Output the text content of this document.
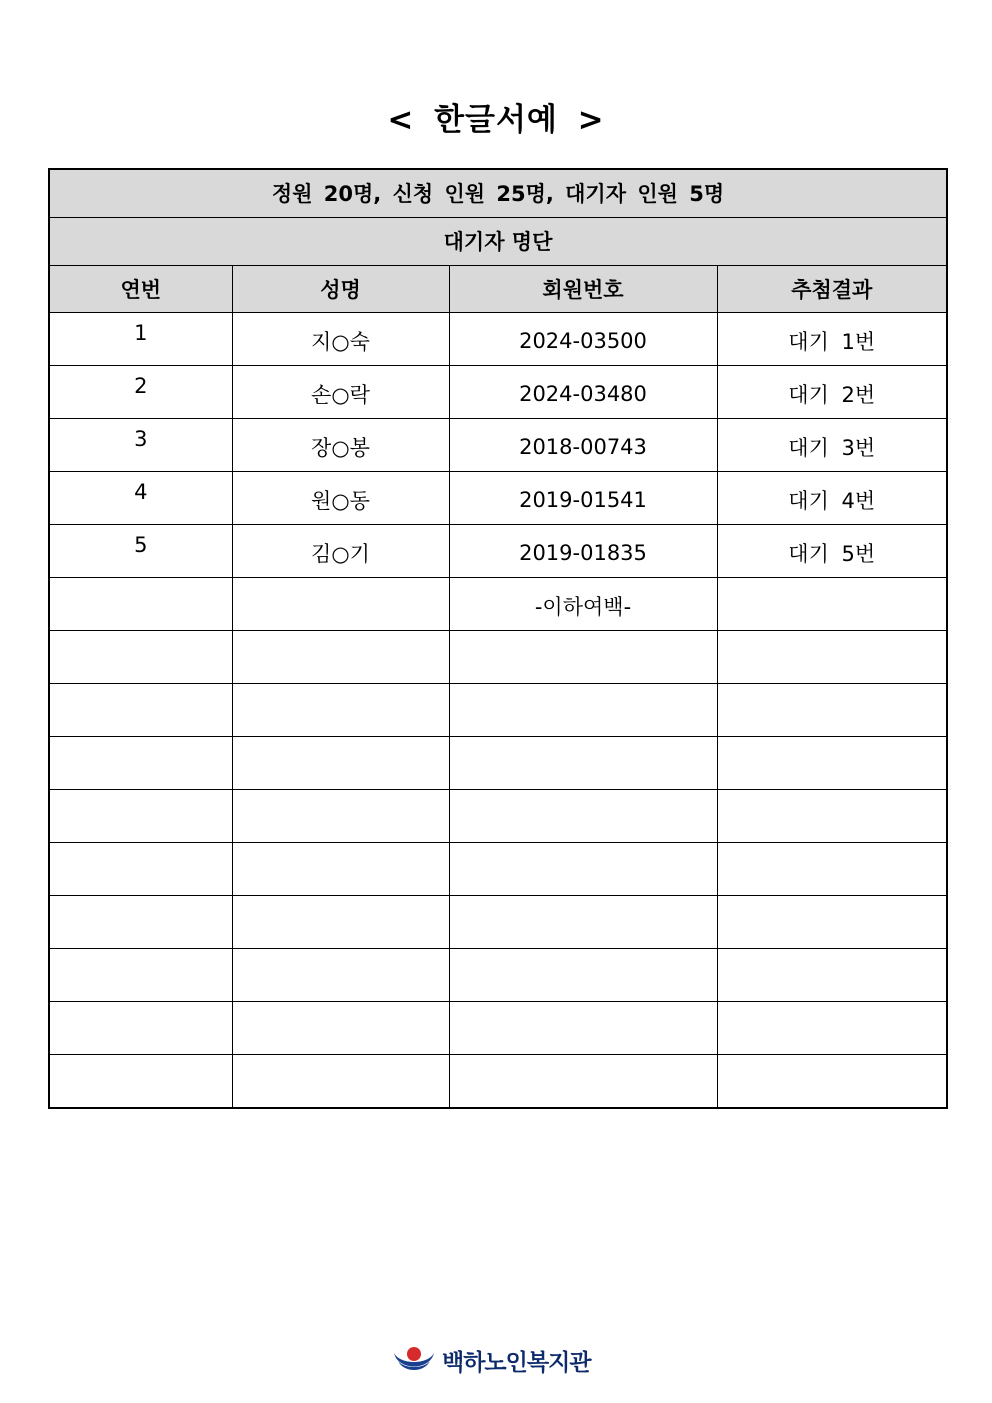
< 한글서예 >
정원 20명, 신청 인원 25명, 대기자 인원 5명			
대기자 명단			
연번	성명	회원번호	추첨결과
1	지○숙	2024-03500	대기 1번
2	손○락	2024-03480	대기 2번
3	장○봉	2018-00743	대기 3번
4	원○동	2019-01541	대기 4번
5	김○기	2019-01835	대기 5번
		-이하여백-	

백하노인복지관
